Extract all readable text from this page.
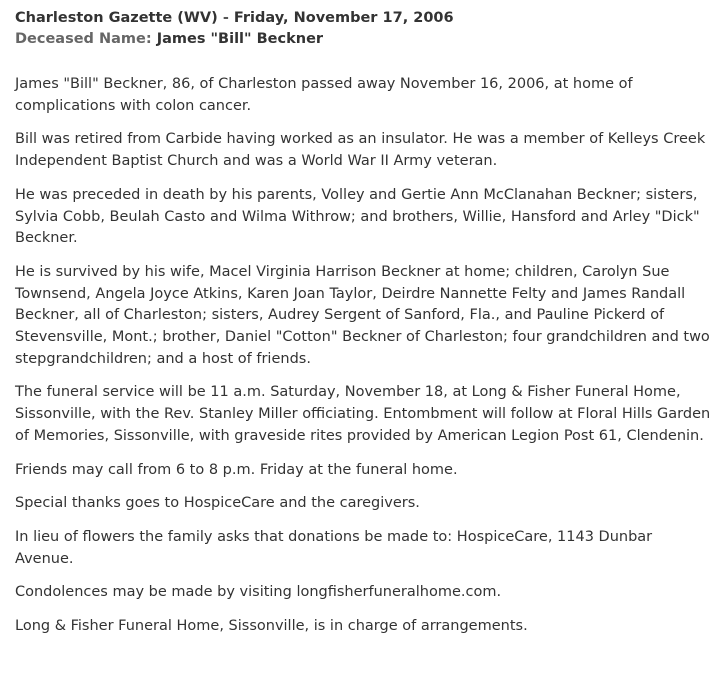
Charleston Gazette (WV) - Friday, November 17, 2006

Deceased Name: James "Bill" Beckner

James "Bill" Beckner, 86, of Charleston passed away November 16, 2006, at home of complications with colon cancer.

Bill was retired from Carbide having worked as an insulator. He was a member of Kelleys Creek Independent Baptist Church and was a World War II Army veteran.

He was preceded in death by his parents, Volley and Gertie Ann McClanahan Beckner; sisters, Sylvia Cobb, Beulah Casto and Wilma Withrow; and brothers, Willie, Hansford and Arley "Dick" Beckner.

He is survived by his wife, Macel Virginia Harrison Beckner at home; children, Carolyn Sue Townsend, Angela Joyce Atkins, Karen Joan Taylor, Deirdre Nannette Felty and James Randall Beckner, all of Charleston; sisters, Audrey Sergent of Sanford, Fla., and Pauline Pickerd of Stevensville, Mont.; brother, Daniel "Cotton" Beckner of Charleston; four grandchildren and two stepgrandchildren; and a host of friends.

The funeral service will be 11 a.m. Saturday, November 18, at Long & Fisher Funeral Home, Sissonville, with the Rev. Stanley Miller officiating. Entombment will follow at Floral Hills Garden of Memories, Sissonville, with graveside rites provided by American Legion Post 61, Clendenin.

Friends may call from 6 to 8 p.m. Friday at the funeral home.

Special thanks goes to HospiceCare and the caregivers.

In lieu of flowers the family asks that donations be made to: HospiceCare, 1143 Dunbar Avenue.

Condolences may be made by visiting longfisherfuneralhome.com.

Long & Fisher Funeral Home, Sissonville, is in charge of arrangements.
